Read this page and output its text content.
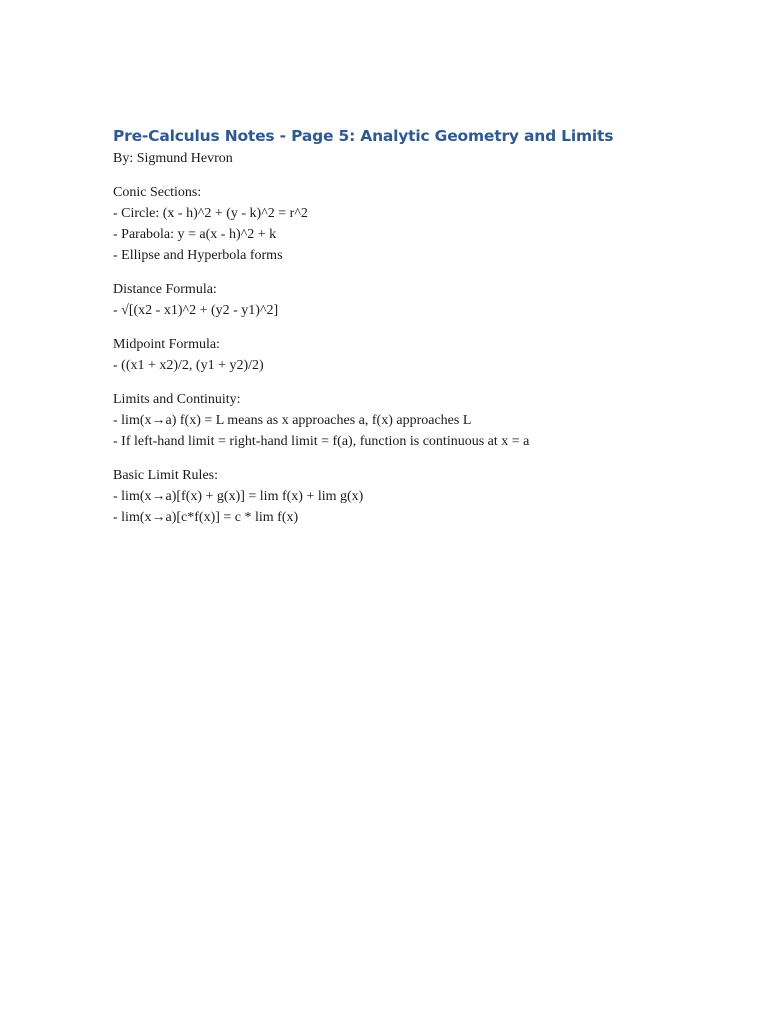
Pre-Calculus Notes - Page 5: Analytic Geometry and Limits
By: Sigmund Hevron
Conic Sections:
- Circle: (x - h)^2 + (y - k)^2 = r^2
- Parabola: y = a(x - h)^2 + k
- Ellipse and Hyperbola forms
Distance Formula:
- √[(x2 - x1)^2 + (y2 - y1)^2]
Midpoint Formula:
- ((x1 + x2)/2, (y1 + y2)/2)
Limits and Continuity:
- lim(x→a) f(x) = L means as x approaches a, f(x) approaches L
- If left-hand limit = right-hand limit = f(a), function is continuous at x = a
Basic Limit Rules:
- lim(x→a)[f(x) + g(x)] = lim f(x) + lim g(x)
- lim(x→a)[c*f(x)] = c * lim f(x)
